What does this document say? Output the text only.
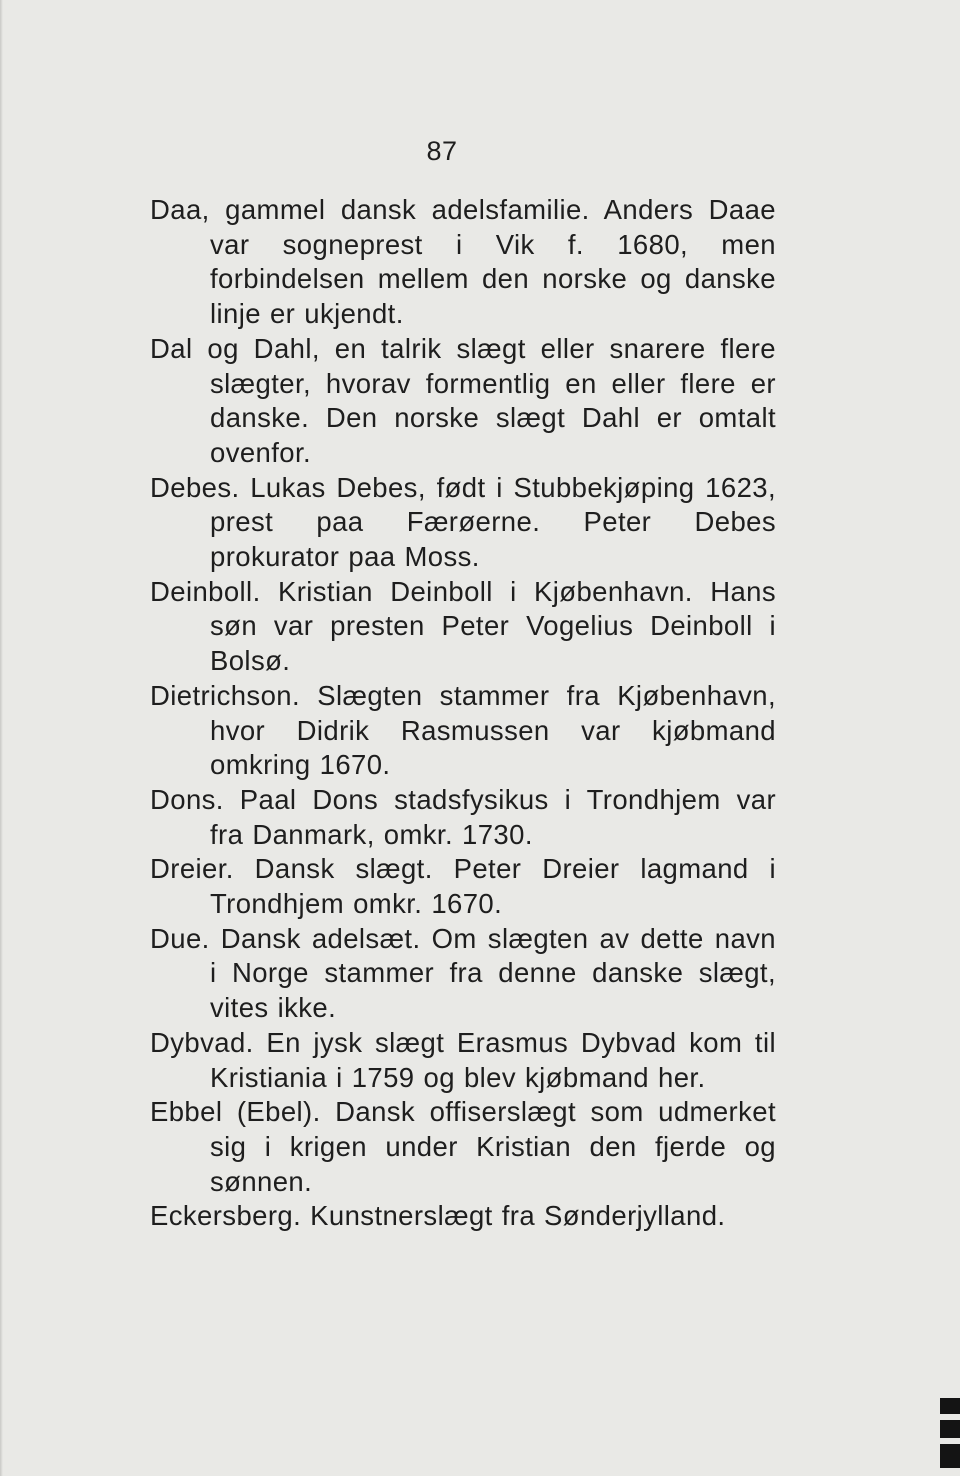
87
Daa, gammel dansk adelsfamilie. Anders Daae var sogneprest i Vik f. 1680, men forbindelsen mellem den norske og danske linje er ukjendt.
Dal og Dahl, en talrik slægt eller snarere flere slægter, hvorav formentlig en eller flere er danske. Den norske slægt Dahl er omtalt ovenfor.
Debes. Lukas Debes, født i Stubbekjøping 1623, prest paa Færøerne. Peter Debes prokurator paa Moss.
Deinboll. Kristian Deinboll i Kjøbenhavn. Hans søn var presten Peter Vogelius Deinboll i Bolsø.
Dietrichson. Slægten stammer fra Kjøbenhavn, hvor Didrik Rasmussen var kjøbmand omkring 1670.
Dons. Paal Dons stadsfysikus i Trondhjem var fra Danmark, omkr. 1730.
Dreier. Dansk slægt. Peter Dreier lagmand i Trondhjem omkr. 1670.
Due. Dansk adelsæt. Om slægten av dette navn i Norge stammer fra denne danske slægt, vites ikke.
Dybvad. En jysk slægt Erasmus Dybvad kom til Kristiania i 1759 og blev kjøbmand her.
Ebbel (Ebel). Dansk offiserslægt som udmerket sig i krigen under Kristian den fjerde og sønnen.
Eckersberg. Kunstnerslægt fra Sønderjylland.
